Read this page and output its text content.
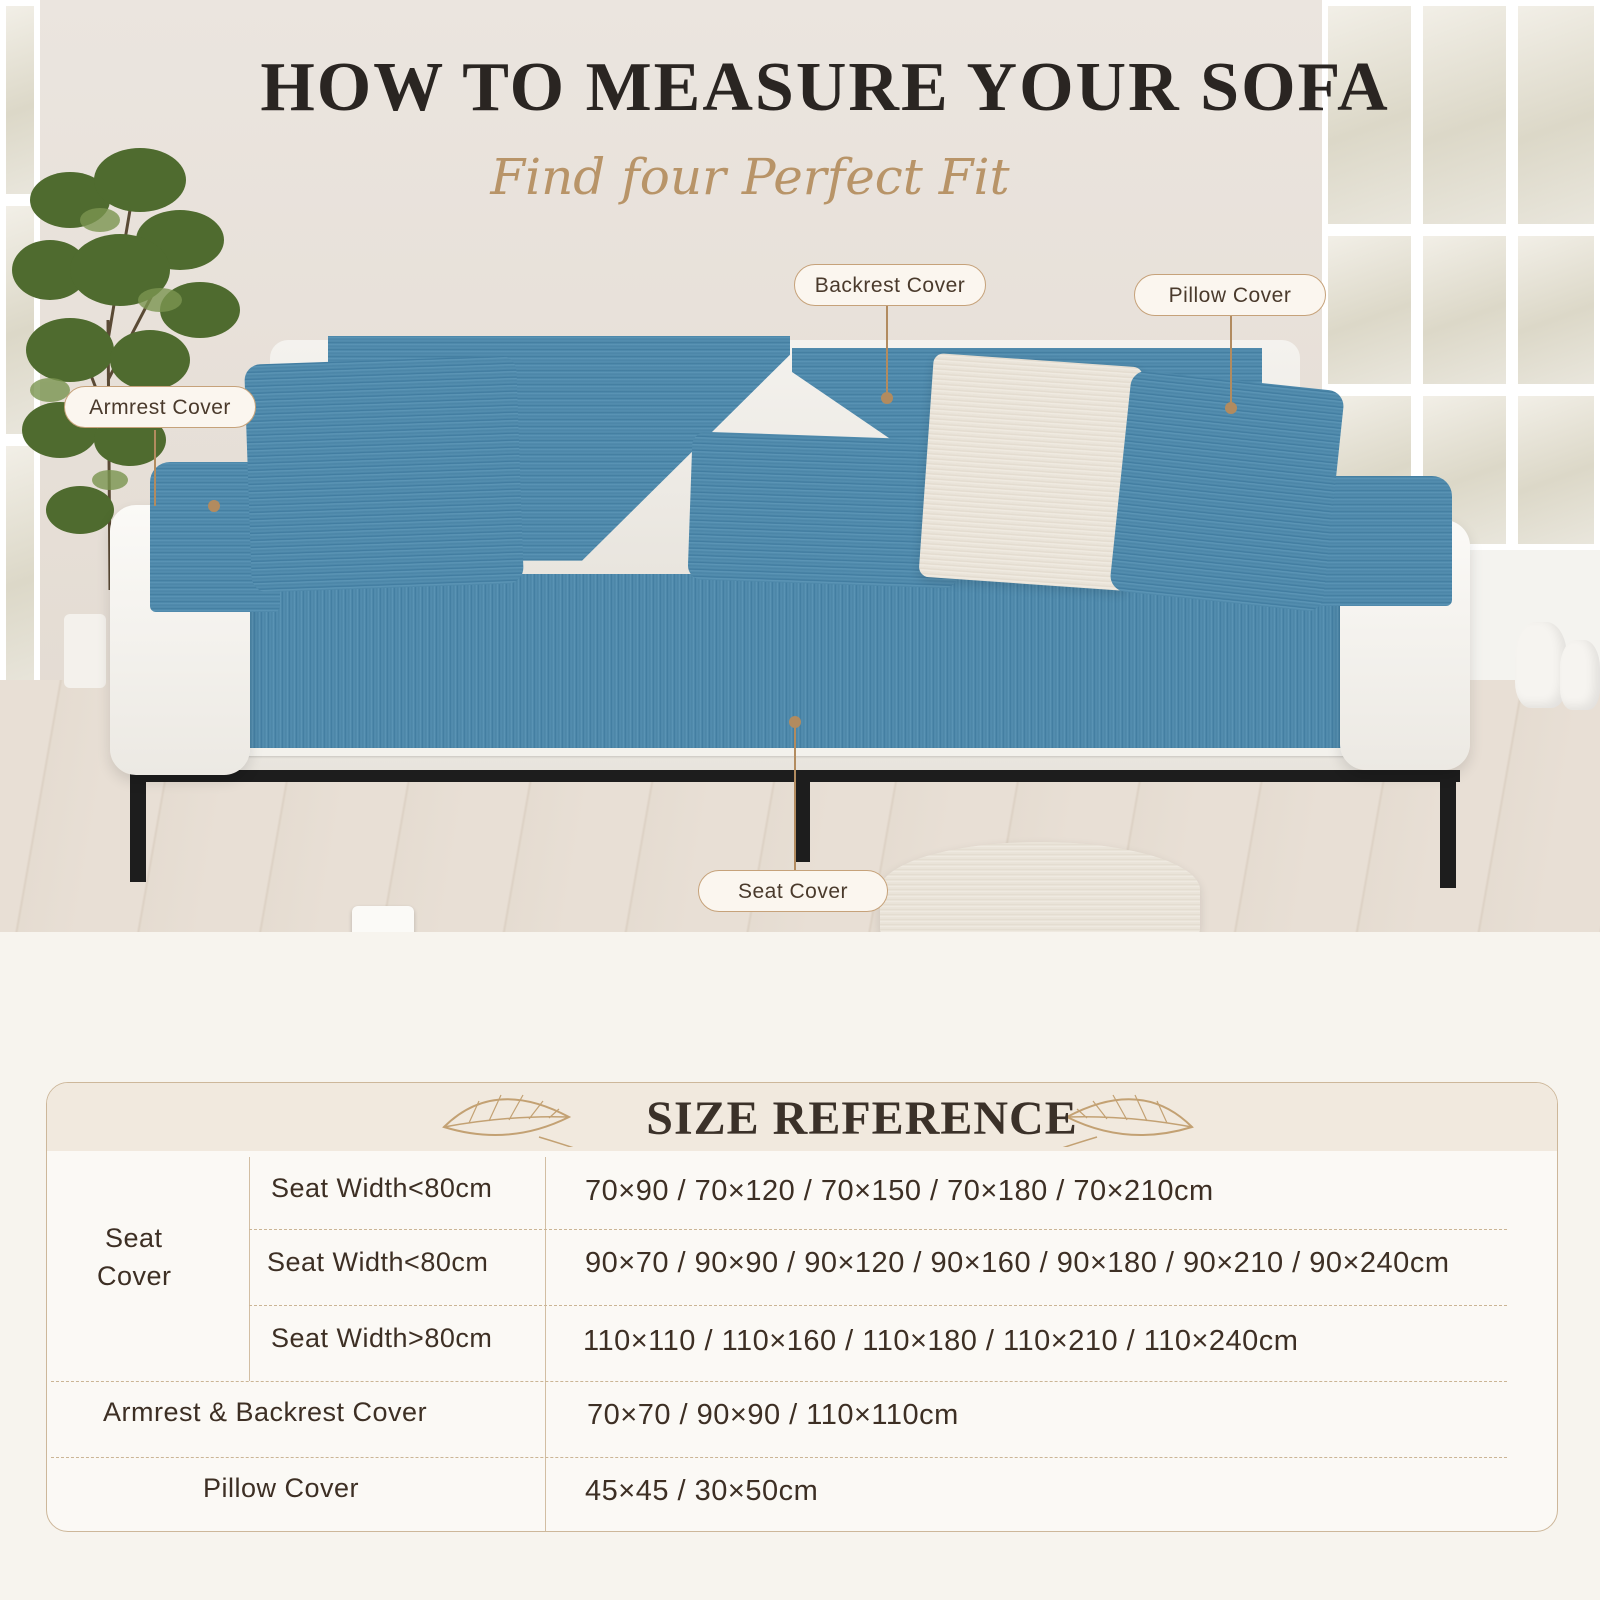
HOW TO MEASURE YOUR SOFA
Find four Perfect Fit
Backrest Cover	Pillow Cover
Armrest Cover
Seat Cover
SIZE REFERENCE
Seat
Cover
Seat Width<80cm	70×90 / 70×120 / 70×150 / 70×180 / 70×210cm
Seat Width<80cm	90×70 / 90×90 / 90×120 / 90×160 / 90×180 / 90×210 / 90×240cm
Seat Width>80cm	110×110 / 110×160 / 110×180 / 110×210 / 110×240cm
Armrest & Backrest Cover	70×70 / 90×90 / 110×110cm
Pillow Cover	45×45 / 30×50cm
